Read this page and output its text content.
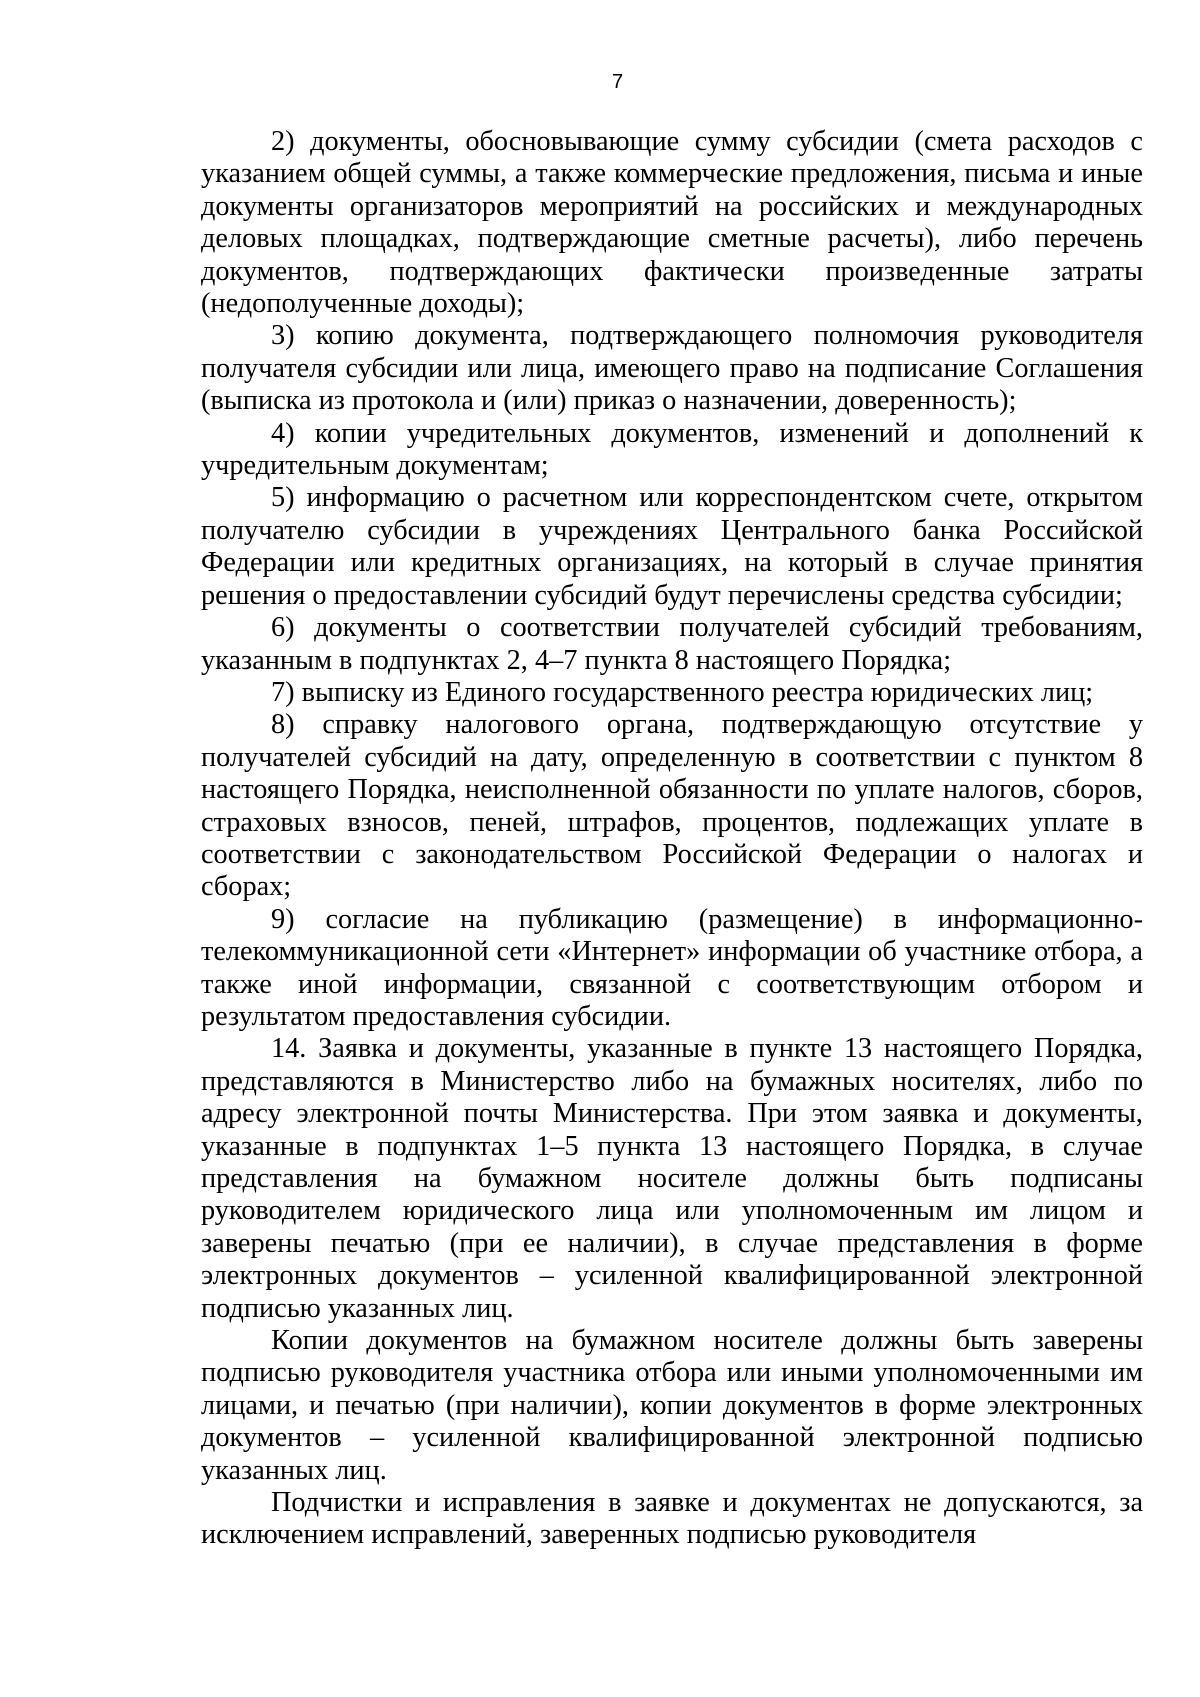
7

2) документы, обосновывающие сумму субсидии (смета расходов с указанием общей суммы, а также коммерческие предложения, письма и иные документы организаторов мероприятий на российских и международных деловых площадках, подтверждающие сметные расчеты), либо перечень документов, подтверждающих фактически произведенные затраты (недополученные доходы);

3) копию документа, подтверждающего полномочия руководителя получателя субсидии или лица, имеющего право на подписание Соглашения (выписка из протокола и (или) приказ о назначении, доверенность);

4) копии учредительных документов, изменений и дополнений к учредительным документам;

5) информацию о расчетном или корреспондентском счете, открытом получателю субсидии в учреждениях Центрального банка Российской Федерации или кредитных организациях, на который в случае принятия решения о предоставлении субсидий будут перечислены средства субсидии;

6) документы о соответствии получателей субсидий требованиям, указанным в подпунктах 2, 4–7 пункта 8 настоящего Порядка;

7) выписку из Единого государственного реестра юридических лиц;

8) справку налогового органа, подтверждающую отсутствие у получателей субсидий на дату, определенную в соответствии с пунктом 8 настоящего Порядка, неисполненной обязанности по уплате налогов, сборов, страховых взносов, пеней, штрафов, процентов, подлежащих уплате в соответствии с законодательством Российской Федерации о налогах и сборах;

9) согласие на публикацию (размещение) в информационно-телекоммуникационной сети «Интернет» информации об участнике отбора, а также иной информации, связанной с соответствующим отбором и результатом предоставления субсидии.

14. Заявка и документы, указанные в пункте 13 настоящего Порядка, представляются в Министерство либо на бумажных носителях, либо по адресу электронной почты Министерства. При этом заявка и документы, указанные в подпунктах 1–5 пункта 13 настоящего Порядка, в случае представления на бумажном носителе должны быть подписаны руководителем юридического лица или уполномоченным им лицом и заверены печатью (при ее наличии), в случае представления в форме электронных документов – усиленной квалифицированной электронной подписью указанных лиц.

Копии документов на бумажном носителе должны быть заверены подписью руководителя участника отбора или иными уполномоченными им лицами, и печатью (при наличии), копии документов в форме электронных документов – усиленной квалифицированной электронной подписью указанных лиц.

Подчистки и исправления в заявке и документах не допускаются, за исключением исправлений, заверенных подписью руководителя
